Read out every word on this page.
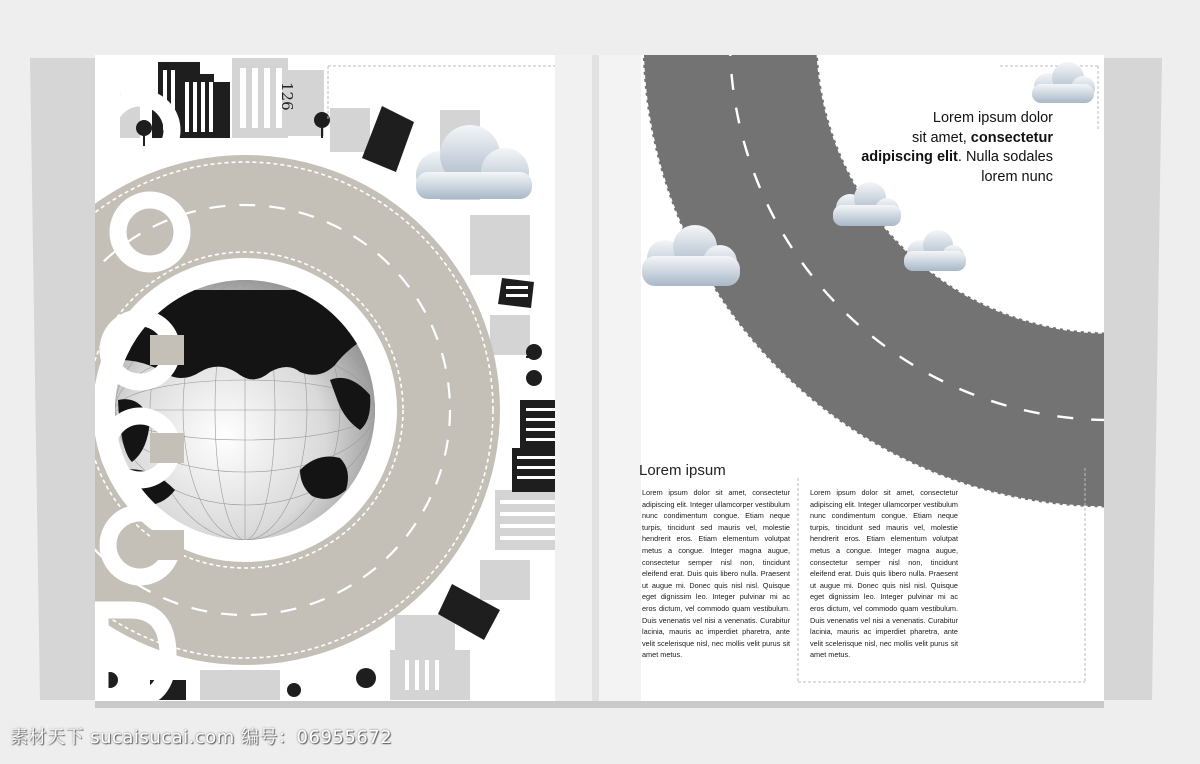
126
Lorem ipsum dolor
sit amet, consectetur
adipiscing elit. Nulla sodales
lorem nunc
Lorem ipsum
Lorem ipsum dolor sit amet, consectetur adipiscing elit. Integer ullamcorper vestibulum nunc condimentum congue. Etiam neque turpis, tincidunt sed mauris vel, molestie hendrerit eros. Etiam elementum volutpat metus a congue. Integer magna augue, consectetur semper nisl non, tincidunt eleifend erat. Duis quis libero nulla. Praesent ut augue mi. Donec quis nisl nisl. Quisque eget dignissim leo. Integer pulvinar mi ac eros dictum, vel commodo quam vestibulum. Duis venenatis vel nisi a venenatis. Curabitur lacinia, mauris ac imperdiet pharetra, ante velit scelerisque nisl, nec mollis velit purus sit amet metus.
Lorem ipsum dolor sit amet, consectetur adipiscing elit. Integer ullamcorper vestibulum nunc condimentum congue. Etiam neque turpis, tincidunt sed mauris vel, molestie hendrerit eros. Etiam elementum volutpat metus a congue. Integer magna augue, consectetur semper nisl non, tincidunt eleifend erat. Duis quis libero nulla. Praesent ut augue mi. Donec quis nisl nisl. Quisque eget dignissim leo. Integer pulvinar mi ac eros dictum, vel commodo quam vestibulum. Duis venenatis vel nisi a venenatis. Curabitur lacinia, mauris ac imperdiet pharetra, ante velit scelerisque nisl, nec mollis velit purus sit amet metus.
素材天下 sucaisucai.com 编号：06955672
